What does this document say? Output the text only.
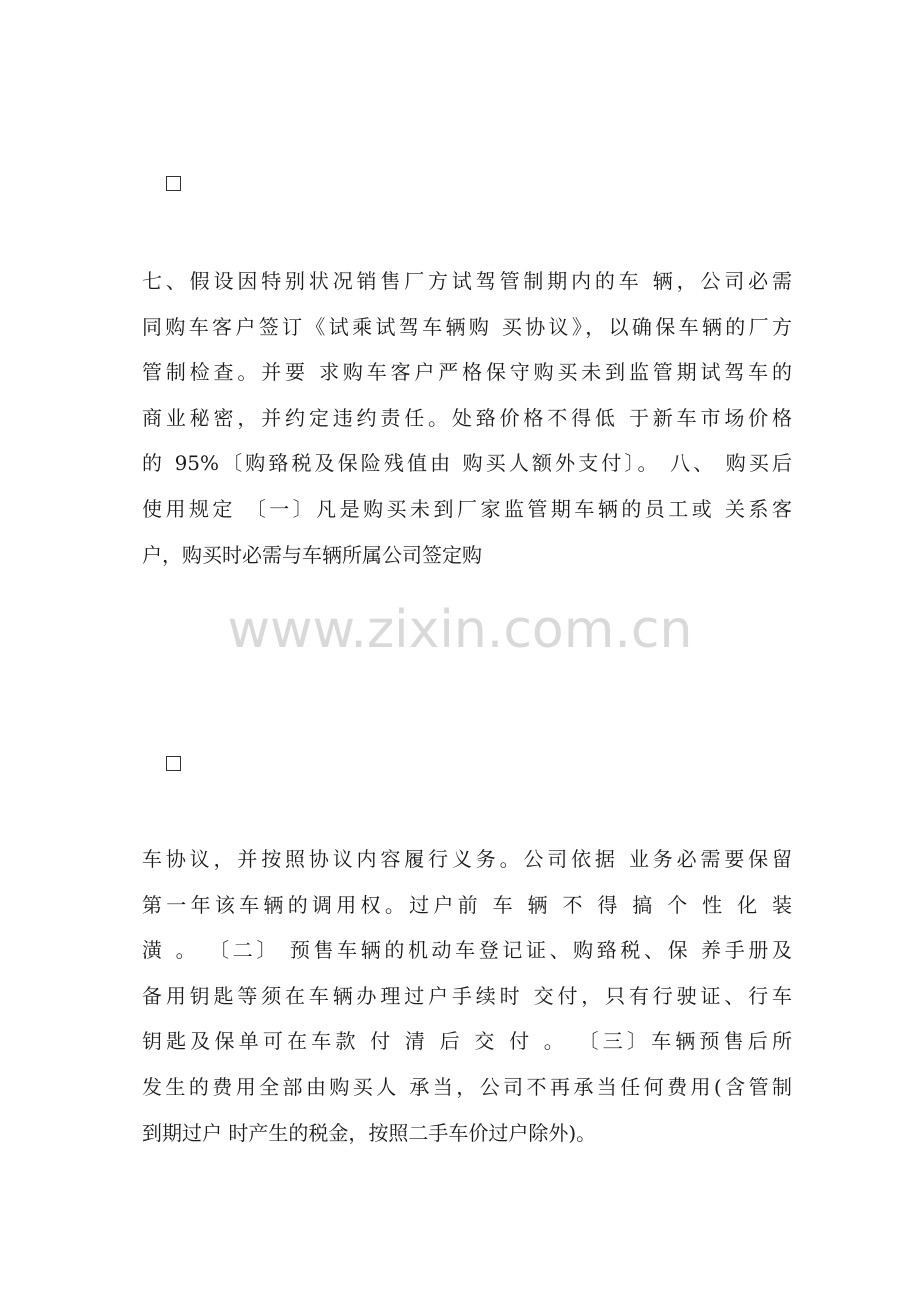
七、假设因特别状况销售厂方试驾管制期内的车 辆，公司必需
同购车客户签订《试乘试驾车辆购 买协议》，以确保车辆的厂方
管制检查。并要 求购车客户严格保守购买未到监管期试驾车的
商业秘密，并约定违约责任。处臵价格不得低 于新车市场价格
的 95%〔购臵税及保险残值由 购买人额外支付〕。 八、 购买后
使用规定 〔一〕凡是购买未到厂家监管期车辆的员工或 关系客
户，购买时必需与车辆所属公司签定购
www.zixin.com.cn
车协议，并按照协议内容履行义务。公司依据 业务必需要保留
第一年该车辆的调用权。过户前 车 辆 不 得 搞 个 性 化 装
潢 。 〔二〕 预售车辆的机动车登记证、购臵税、保 养手册及
备用钥匙等须在车辆办理过户手续时 交付，只有行驶证、行车
钥匙及保单可在车款 付 清 后 交 付 。 〔三〕车辆预售后所
发生的费用全部由购买人 承当，公司不再承当任何费用(含管制
到期过户 时产生的税金，按照二手车价过户除外)。
